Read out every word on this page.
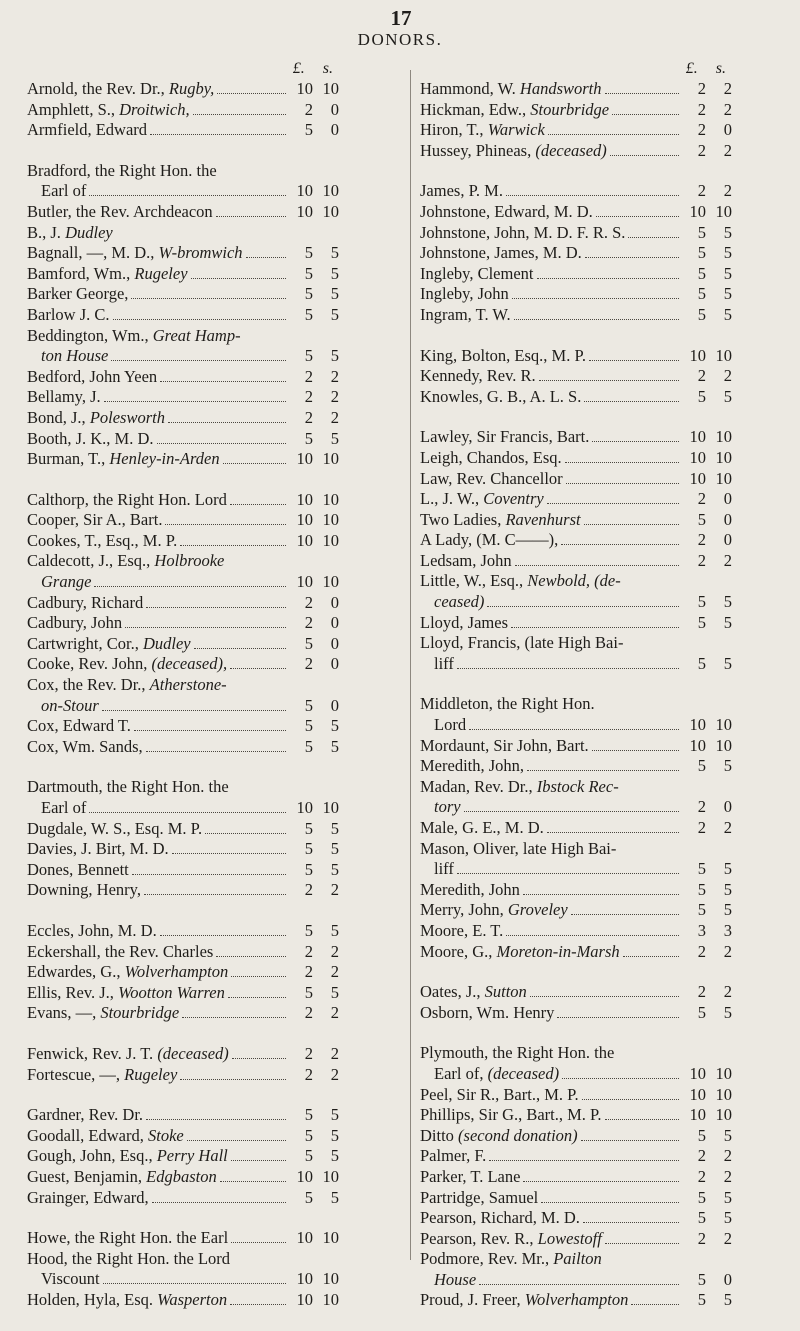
17
DONORS.
£. s.
Arnold, the Rev. Dr., Rugby,	10 10
Amphlett, S., Droitwich,	2	0
Armfield, Edward	5	0
Bradford, the Right Hon. the
Earl of	10 10
Butler, the Rev. Archdeacon	10 10
B., J. Dudley
Bagnall, —, M. D., W-bromwich	5	5
Bamford, Wm., Rugeley	5	5
Barker George,	5	5
Barlow J. C.	5	5
Beddington, Wm., Great Hamp-
ton House	5	5
Bedford, John Yeen	2	2
Bellamy, J.	2	2
Bond, J., Polesworth	2	2
Booth, J. K., M. D.	5	5
Burman, T., Henley-in-Arden	10 10
Calthorp, the Right Hon. Lord	10 10
Cooper, Sir A., Bart.	10 10
Cookes, T., Esq., M. P.	10 10
Caldecott, J., Esq., Holbrooke
Grange	10 10
Cadbury, Richard	2	0
Cadbury, John	2	0
Cartwright, Cor., Dudley	5	0
Cooke, Rev. John, (deceased),	2	0
Cox, the Rev. Dr., Atherstone-
on-Stour	5	0
Cox, Edward T.	5	5
Cox, Wm. Sands,	5	5
Dartmouth, the Right Hon. the
Earl of	10 10
Dugdale, W. S., Esq. M. P.	5	5
Davies, J. Birt, M. D.	5	5
Dones, Bennett	5	5
Downing, Henry,	2	2
Eccles, John, M. D.	5	5
Eckershall, the Rev. Charles	2	2
Edwardes, G., Wolverhampton	2	2
Ellis, Rev. J., Wootton Warren	5	5
Evans, —, Stourbridge	2	2
Fenwick, Rev. J. T. (deceased)	2	2
Fortescue, —, Rugeley	2	2
Gardner, Rev. Dr.	5	5
Goodall, Edward, Stoke	5	5
Gough, John, Esq., Perry Hall	5	5
Guest, Benjamin, Edgbaston	10 10
Grainger, Edward,	5	5
Howe, the Right Hon. the Earl	10 10
Hood, the Right Hon. the Lord
Viscount	10 10
Holden, Hyla, Esq. Wasperton	10 10
£. s.
Hammond, W. Handsworth	2	2
Hickman, Edw., Stourbridge	2	2
Hiron, T., Warwick	2	0
Hussey, Phineas, (deceased)	2	2
James, P. M.	2	2
Johnstone, Edward, M. D.	10 10
Johnstone, John, M. D. F. R. S.	5	5
Johnstone, James, M. D.	5	5
Ingleby, Clement	5	5
Ingleby, John	5	5
Ingram, T. W.	5	5
King, Bolton, Esq., M. P.	10 10
Kennedy, Rev. R.	2	2
Knowles, G. B., A. L. S.	5	5
Lawley, Sir Francis, Bart.	10 10
Leigh, Chandos, Esq.	10 10
Law, Rev. Chancellor	10 10
L., J. W., Coventry	2	0
Two Ladies, Ravenhurst	5	0
A Lady, (M. C——),	2	0
Ledsam, John	2	2
Little, W., Esq., Newbold, (de-
ceased)	5	5
Lloyd, James	5	5
Lloyd, Francis, (late High Bai-
liff	5	5
Middleton, the Right Hon.
Lord	10 10
Mordaunt, Sir John, Bart.	10 10
Meredith, John,	5	5
Madan, Rev. Dr., Ibstock Rec-
tory	2	0
Male, G. E., M. D.	2	2
Mason, Oliver, late High Bai-
liff	5	5
Meredith, John	5	5
Merry, John, Groveley	5	5
Moore, E. T.	3	3
Moore, G., Moreton-in-Marsh	2	2
Oates, J., Sutton	2	2
Osborn, Wm. Henry	5	5
Plymouth, the Right Hon. the
Earl of, (deceased)	10 10
Peel, Sir R., Bart., M. P.	10 10
Phillips, Sir G., Bart., M. P.	10 10
Ditto (second donation)	5	5
Palmer, F.	2	2
Parker, T. Lane	2	2
Partridge, Samuel	5	5
Pearson, Richard, M. D.	5	5
Pearson, Rev. R., Lowestoff	2	2
Podmore, Rev. Mr., Pailton
House	5	0
Proud, J. Freer, Wolverhampton	5	5
